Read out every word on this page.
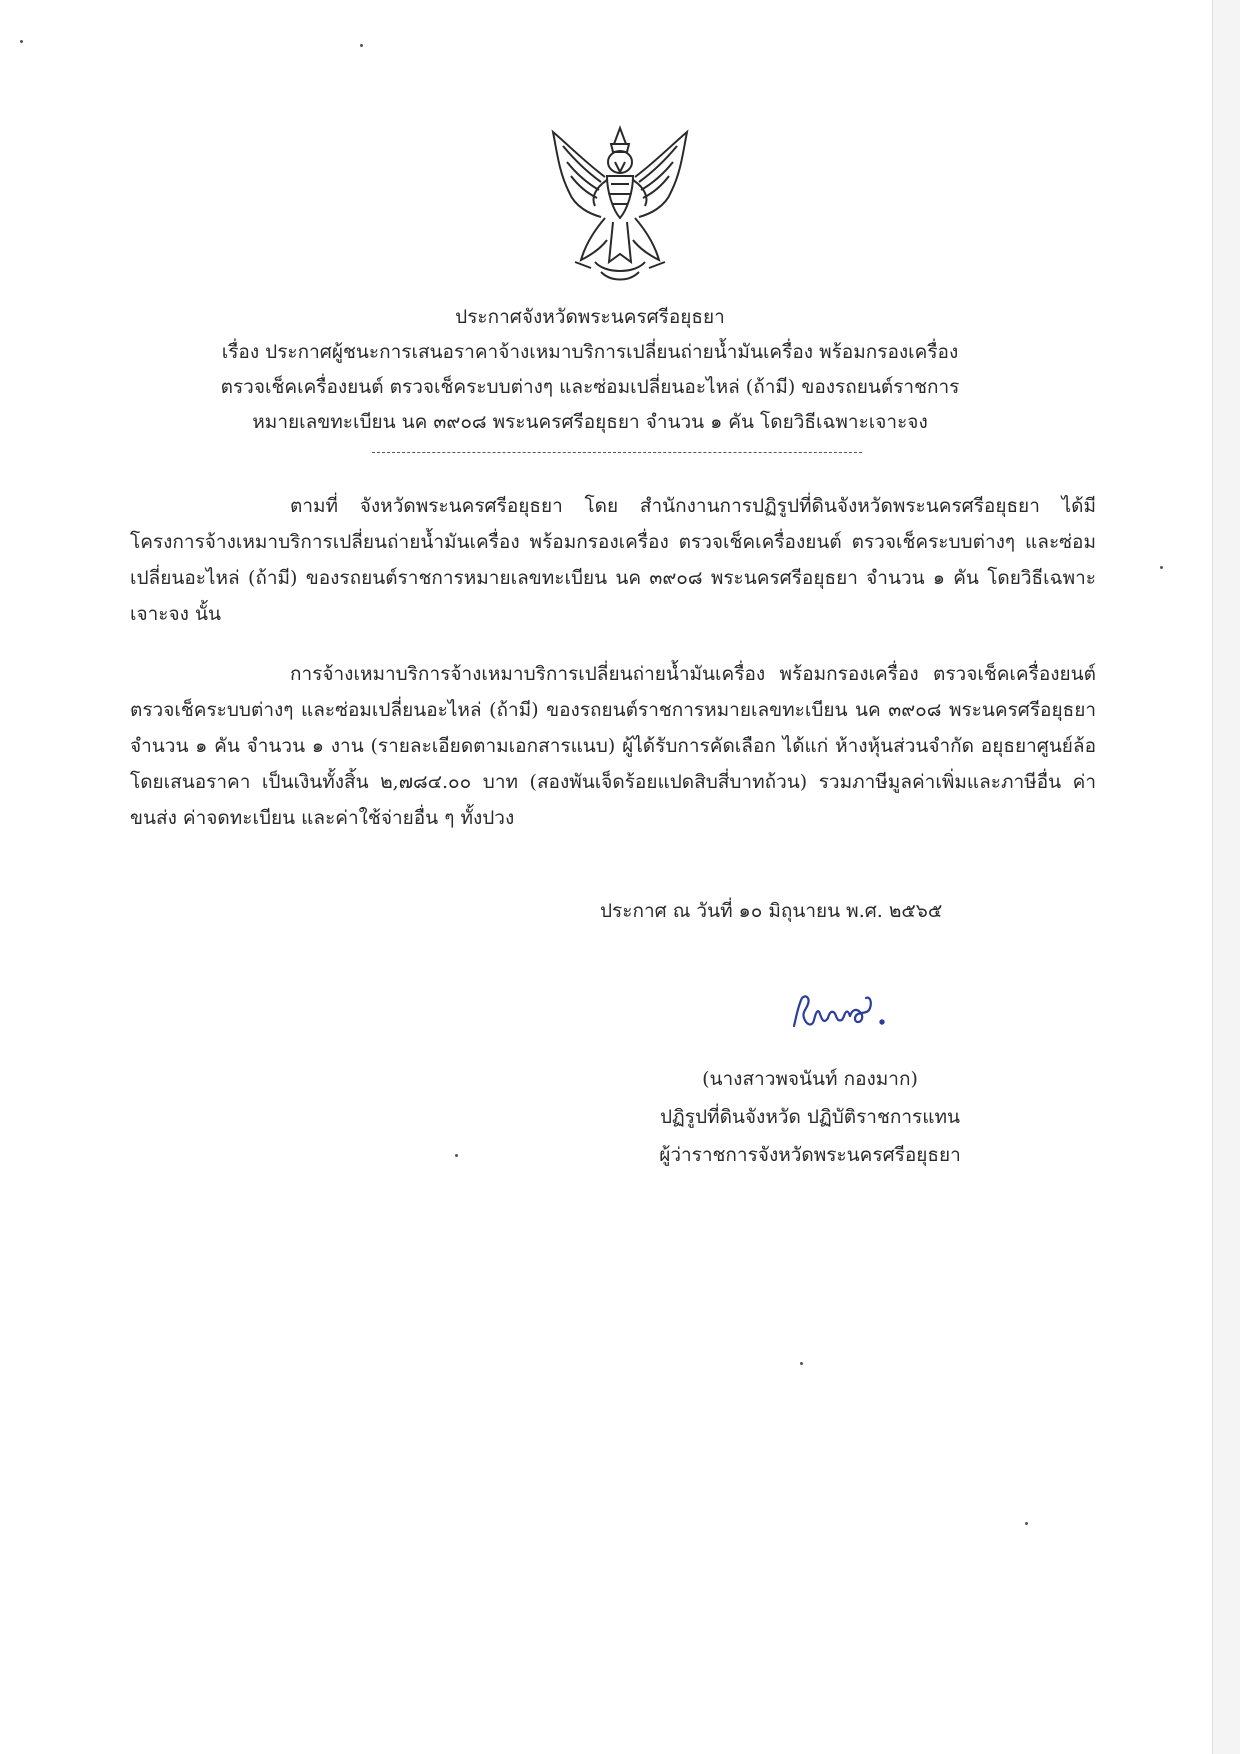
ประกาศจังหวัดพระนครศรีอยุธยา
เรื่อง ประกาศผู้ชนะการเสนอราคาจ้างเหมาบริการเปลี่ยนถ่ายน้ำมันเครื่อง พร้อมกรองเครื่อง
ตรวจเช็คเครื่องยนต์ ตรวจเช็คระบบต่างๆ และซ่อมเปลี่ยนอะไหล่ (ถ้ามี) ของรถยนต์ราชการ
หมายเลขทะเบียน นค ๓๙๐๘ พระนครศรีอยุธยา จำนวน ๑ คัน โดยวิธีเฉพาะเจาะจง

ตามที่ จังหวัดพระนครศรีอยุธยา โดย สำนักงานการปฏิรูปที่ดินจังหวัดพระนครศรีอยุธยา ได้มีโครงการจ้างเหมาบริการเปลี่ยนถ่ายน้ำมันเครื่อง พร้อมกรองเครื่อง ตรวจเช็คเครื่องยนต์ ตรวจเช็คระบบต่างๆ และซ่อมเปลี่ยนอะไหล่ (ถ้ามี) ของรถยนต์ราชการหมายเลขทะเบียน นค ๓๙๐๘ พระนครศรีอยุธยา จำนวน ๑ คัน โดยวิธีเฉพาะเจาะจง นั้น

การจ้างเหมาบริการจ้างเหมาบริการเปลี่ยนถ่ายน้ำมันเครื่อง พร้อมกรองเครื่อง ตรวจเช็คเครื่องยนต์ ตรวจเช็คระบบต่างๆ และซ่อมเปลี่ยนอะไหล่ (ถ้ามี) ของรถยนต์ราชการหมายเลขทะเบียน นค ๓๙๐๘ พระนครศรีอยุธยา จำนวน ๑ คัน จำนวน ๑ งาน (รายละเอียดตามเอกสารแนบ) ผู้ได้รับการคัดเลือก ได้แก่ ห้างหุ้นส่วนจำกัด อยุธยาศูนย์ล้อ โดยเสนอราคา เป็นเงินทั้งสิ้น ๒,๗๘๔.๐๐ บาท (สองพันเจ็ดร้อยแปดสิบสี่บาทถ้วน) รวมภาษีมูลค่าเพิ่มและภาษีอื่น ค่าขนส่ง ค่าจดทะเบียน และค่าใช้จ่ายอื่น ๆ ทั้งปวง

ประกาศ ณ วันที่ ๑๐ มิถุนายน พ.ศ. ๒๕๖๕
(นางสาวพจนันท์ กองมาก)
ปฏิรูปที่ดินจังหวัด ปฏิบัติราชการแทน
ผู้ว่าราชการจังหวัดพระนครศรีอยุธยา
